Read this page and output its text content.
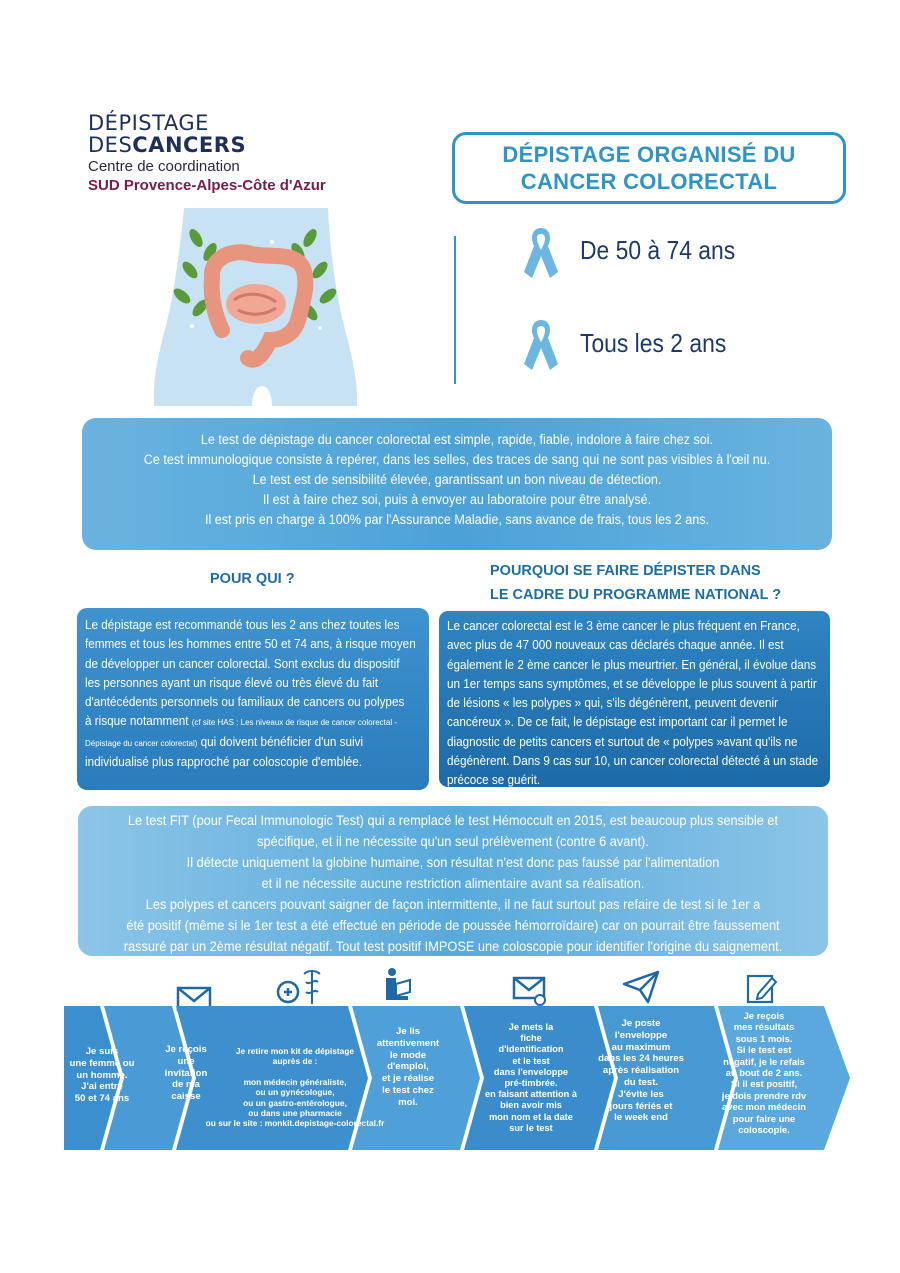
DÉPISTAGE
DESCANCERS
Centre de coordination
SUD Provence-Alpes-Côte d'Azur
DÉPISTAGE ORGANISÉ DU
CANCER COLORECTAL
De 50 à 74 ans
Tous les 2 ans

Le test de dépistage du cancer colorectal est simple, rapide, fiable, indolore à faire chez soi.

Ce test immunologique consiste à repérer, dans les selles, des traces de sang qui ne sont pas visibles à l'œil nu.

Le test est de sensibilité élevée, garantissant un bon niveau de détection.

Il est à faire chez soi, puis à envoyer au laboratoire pour être analysé.

Il est pris en charge à 100% par l'Assurance Maladie, sans avance de frais, tous les 2 ans.

POUR QUI ?	POURQUOI SE FAIRE DÉPISTER DANS
LE CADRE DU PROGRAMME NATIONAL ?

Le dépistage est recommandé tous les 2 ans chez toutes les

femmes et tous les hommes entre 50 et 74 ans, à risque moyen

de développer un cancer colorectal. Sont exclus du dispositif

les personnes ayant un risque élevé ou très élevé du fait

d'antécédents personnels ou familiaux de cancers ou polypes

à risque notamment (cf site HAS : Les niveaux de risque de cancer colorectal -

Dépistage du cancer colorectal) qui doivent bénéficier d'un suivi

individualisé plus rapproché par coloscopie d'emblée.

Le cancer colorectal est le 3 ème cancer le plus fréquent en France,

avec plus de 47 000 nouveaux cas déclarés chaque année. Il est

également le 2 ème cancer le plus meurtrier. En général, il évolue dans

un 1er temps sans symptômes, et se développe le plus souvent à partir

de lésions « les polypes » qui, s'ils dégénèrent, peuvent devenir

cancéreux ». De ce fait, le dépistage est important car il permet le

diagnostic de petits cancers et surtout de « polypes »avant qu'ils ne

dégénèrent. Dans 9 cas sur 10, un cancer colorectal détecté à un stade

précoce se guérit.

Le test FIT (pour Fecal Immunologic Test) qui a remplacé le test Hémoccult en 2015, est beaucoup plus sensible et

spécifique, et il ne nécessite qu'un seul prélèvement (contre 6 avant).

Il détecte uniquement la globine humaine, son résultat n'est donc pas faussé par l'alimentation

et il ne nécessite aucune restriction alimentaire avant sa réalisation.

Les polypes et cancers pouvant saigner de façon intermittente, il ne faut surtout pas refaire de test si le 1er a

été positif (même si le 1er test a été effectué en période de poussée hémorroïdaire) car on pourrait être faussement

rassuré par un 2ème résultat négatif. Tout test positif IMPOSE une coloscopie pour identifier l'origine du saignement.

Je suis
une femme ou
un homme.
J'ai entre
50 et 74 ans
Je reçois
une
invitation
de ma
caisse
Je retire mon kit de dépistage
auprès de :
mon médecin généraliste,
ou un gynécologue,
ou un gastro-entérologue,
ou dans une pharmacie
ou sur le site : monkit.depistage-colorectal.fr
Je lis
attentivement
le mode
d'emploi,
et je réalise
le test chez
moi.
Je mets la
fiche
d'identification
et le test
dans l'enveloppe
pré-timbrée.
en faisant attention à
bien avoir mis
mon nom et la date
sur le test
Je poste
l'enveloppe
au maximum
dans les 24 heures
après réalisation
du test.
J'évite les
jours fériés et
le week end
Je reçois
mes résultats
sous 1 mois.
Si le test est
négatif, je le refais
au bout de 2 ans.
Si il est positif,
je dois prendre rdv
avec mon médecin
pour faire une
coloscopie.
